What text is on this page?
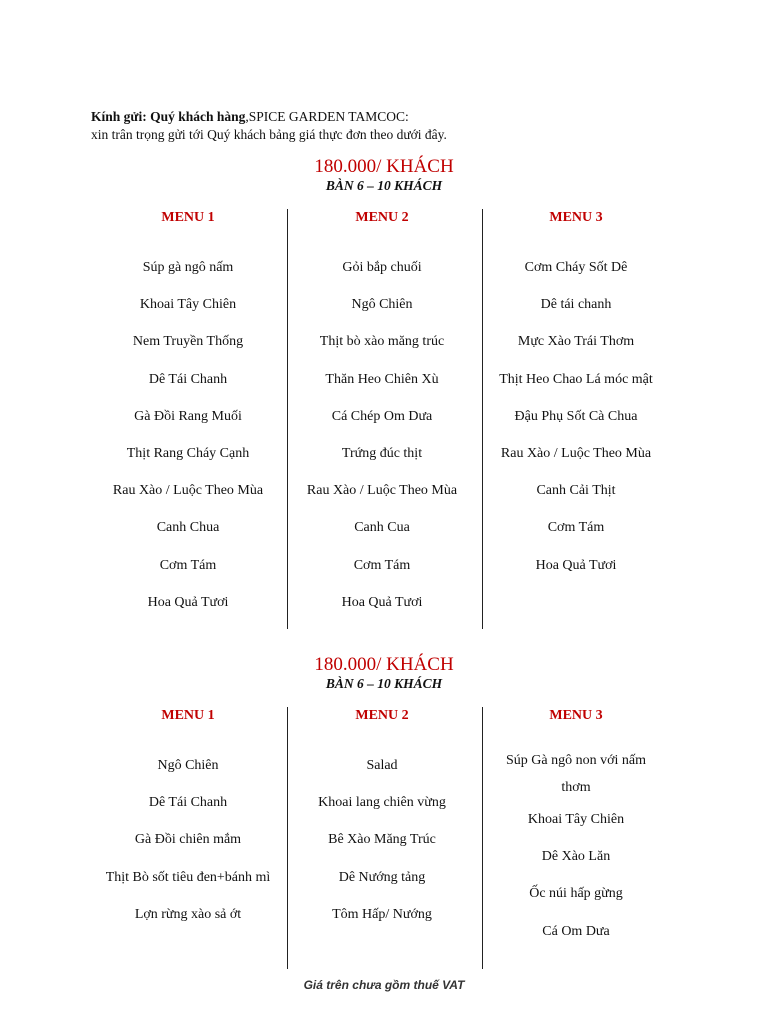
Kính gửi: Quý khách hàng,SPICE GARDEN TAMCOC:
xin trân trọng gửi tới Quý khách bảng giá thực đơn theo dưới đây.
180.000/ KHÁCH
BÀN 6 – 10 KHÁCH
MENU 1
Súp gà ngô nấm
Khoai Tây Chiên
Nem Truyền Thống
Dê Tái Chanh
Gà Đồi Rang Muối
Thịt Rang Cháy Cạnh
Rau Xào / Luộc Theo Mùa
Canh Chua
Cơm Tám
Hoa Quả Tươi
MENU 2
Gỏi bắp chuối
Ngô Chiên
Thịt bò xào măng trúc
Thăn Heo Chiên Xù
Cá Chép Om Dưa
Trứng đúc thịt
Rau Xào / Luộc Theo Mùa
Canh Cua
Cơm Tám
Hoa Quả Tươi
MENU 3
Cơm Cháy Sốt Dê
Dê tái chanh
Mực Xào Trái Thơm
Thịt Heo Chao Lá móc mật
Đậu Phụ Sốt Cà Chua
Rau Xào / Luộc Theo Mùa
Canh Cải Thịt
Cơm Tám
Hoa Quả Tươi
180.000/ KHÁCH
BÀN 6 – 10 KHÁCH
MENU 1
Ngô Chiên
Dê Tái Chanh
Gà Đồi chiên mắm
Thịt Bò sốt tiêu đen+bánh mì
Lợn rừng xào sả ớt
MENU 2
Salad
Khoai lang chiên vừng
Bê Xào Măng Trúc
Dê Nướng tảng
Tôm Hấp/ Nướng
MENU 3
Súp Gà ngô non với nấm
thơm
Khoai Tây Chiên
Dê Xào Lăn
Ốc núi hấp gừng
Cá Om Dưa
Giá trên chưa gồm thuế VAT
